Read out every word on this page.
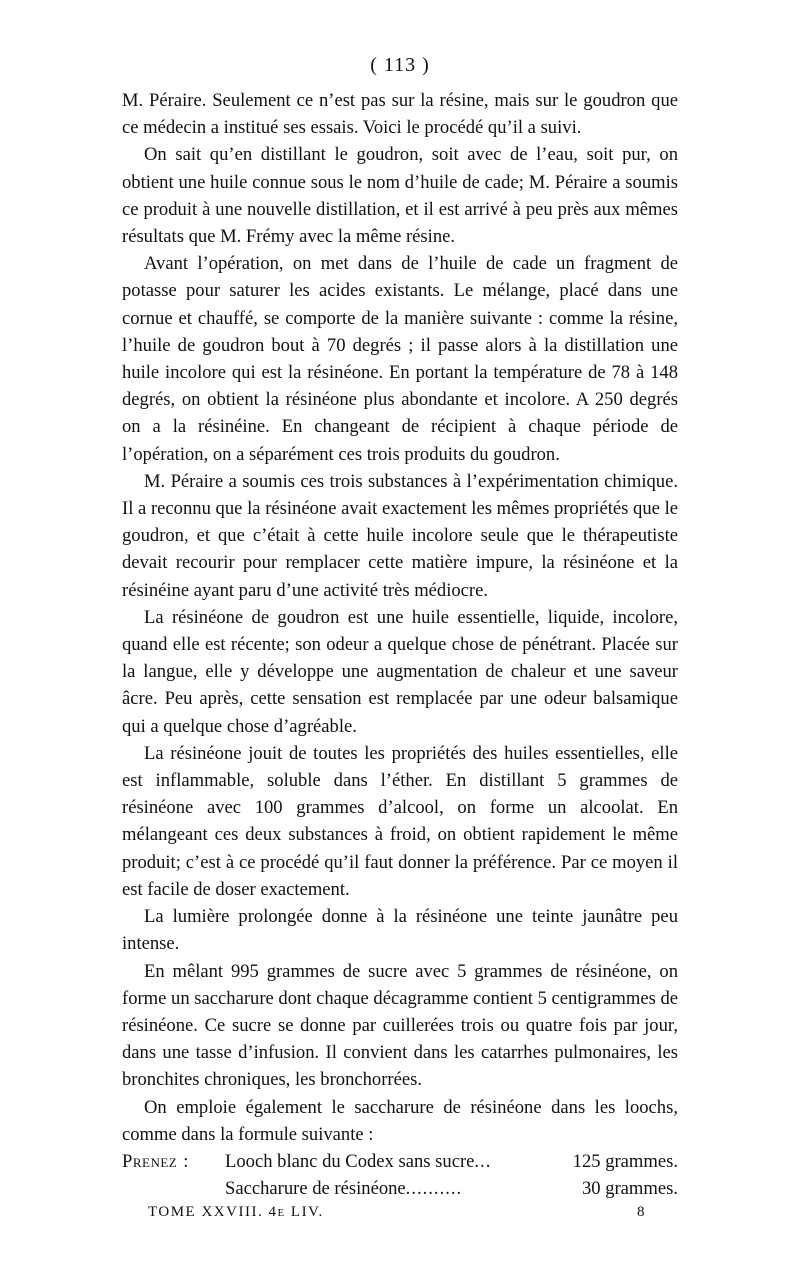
( 113 )

M. Péraire. Seulement ce n’est pas sur la résine, mais sur le goudron que ce médecin a institué ses essais. Voici le procédé qu’il a suivi.

On sait qu’en distillant le goudron, soit avec de l’eau, soit pur, on obtient une huile connue sous le nom d’huile de cade; M. Péraire a soumis ce produit à une nouvelle distillation, et il est arrivé à peu près aux mêmes résultats que M. Frémy avec la même résine.

Avant l’opération, on met dans de l’huile de cade un fragment de potasse pour saturer les acides existants. Le mélange, placé dans une cornue et chauffé, se comporte de la manière suivante : comme la résine, l’huile de goudron bout à 70 degrés ; il passe alors à la distillation une huile incolore qui est la résinéone. En portant la température de 78 à 148 degrés, on obtient la résinéone plus abondante et incolore. A 250 degrés on a la résinéine. En changeant de récipient à chaque période de l’opération, on a séparément ces trois produits du goudron.

M. Péraire a soumis ces trois substances à l’expérimentation chimique. Il a reconnu que la résinéone avait exactement les mêmes propriétés que le goudron, et que c’était à cette huile incolore seule que le thérapeutiste devait recourir pour remplacer cette matière impure, la résinéone et la résinéine ayant paru d’une activité très médiocre.

La résinéone de goudron est une huile essentielle, liquide, incolore, quand elle est récente; son odeur a quelque chose de pénétrant. Placée sur la langue, elle y développe une augmentation de chaleur et une saveur âcre. Peu après, cette sensation est remplacée par une odeur balsamique qui a quelque chose d’agréable.

La résinéone jouit de toutes les propriétés des huiles essentielles, elle est inflammable, soluble dans l’éther. En distillant 5 grammes de résinéone avec 100 grammes d’alcool, on forme un alcoolat. En mélangeant ces deux substances à froid, on obtient rapidement le même produit; c’est à ce procédé qu’il faut donner la préférence. Par ce moyen il est facile de doser exactement.

La lumière prolongée donne à la résinéone une teinte jaunâtre peu intense.

En mêlant 995 grammes de sucre avec 5 grammes de résinéone, on forme un saccharure dont chaque décagramme contient 5 centigrammes de résinéone. Ce sucre se donne par cuillerées trois ou quatre fois par jour, dans une tasse d’infusion. Il convient dans les catarrhes pulmonaires, les bronchites chroniques, les bronchorrées.

On emploie également le saccharure de résinéone dans les loochs, comme dans la formule suivante :

Prenez :	Looch blanc du Codex sans sucre...	125 grammes.
Saccharure de résinéone..........	30 grammes.
TOME XXVIII. 4e LIV.	8
